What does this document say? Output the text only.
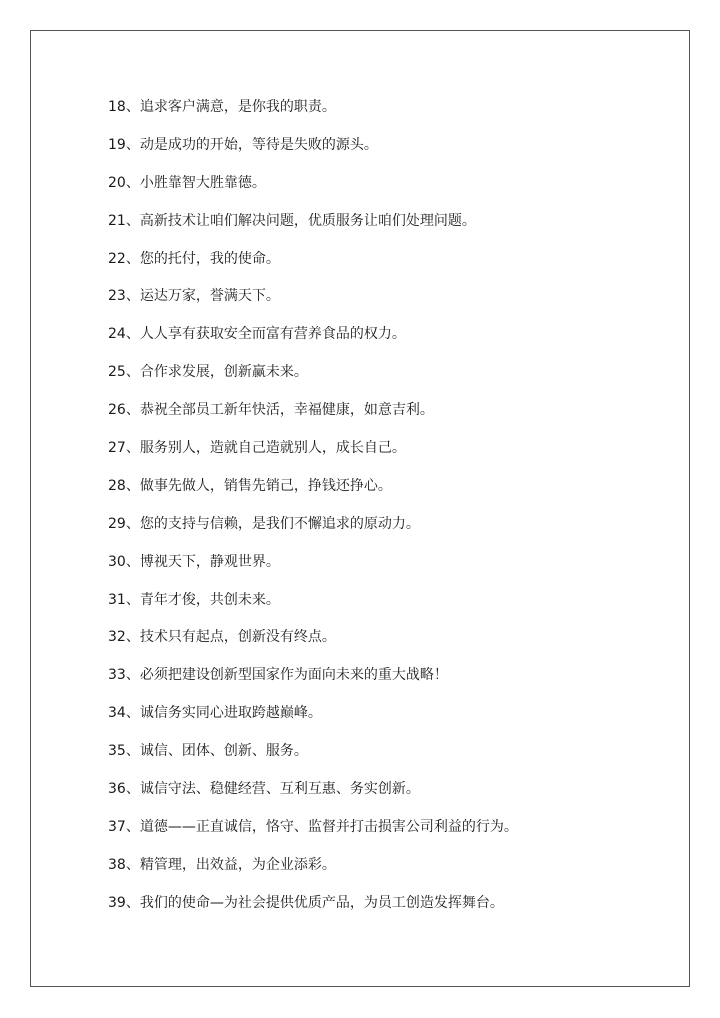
18、追求客户满意，是你我的职责。
19、动是成功的开始，等待是失败的源头。
20、小胜靠智大胜靠德。
21、高新技术让咱们解决问题，优质服务让咱们处理问题。
22、您的托付，我的使命。
23、运达万家，誉满天下。
24、人人享有获取安全而富有营养食品的权力。
25、合作求发展，创新赢未来。
26、恭祝全部员工新年快活，幸福健康，如意吉利。
27、服务别人，造就自己造就别人，成长自己。
28、做事先做人，销售先销己，挣钱还挣心。
29、您的支持与信赖，是我们不懈追求的原动力。
30、博视天下，静观世界。
31、青年才俊，共创未来。
32、技术只有起点，创新没有终点。
33、必须把建设创新型国家作为面向未来的重大战略！
34、诚信务实同心进取跨越巅峰。
35、诚信、团体、创新、服务。
36、诚信守法、稳健经营、互利互惠、务实创新。
37、道德——正直诚信，恪守、监督并打击损害公司利益的行为。
38、精管理，出效益，为企业添彩。
39、我们的使命—为社会提供优质产品，为员工创造发挥舞台。
